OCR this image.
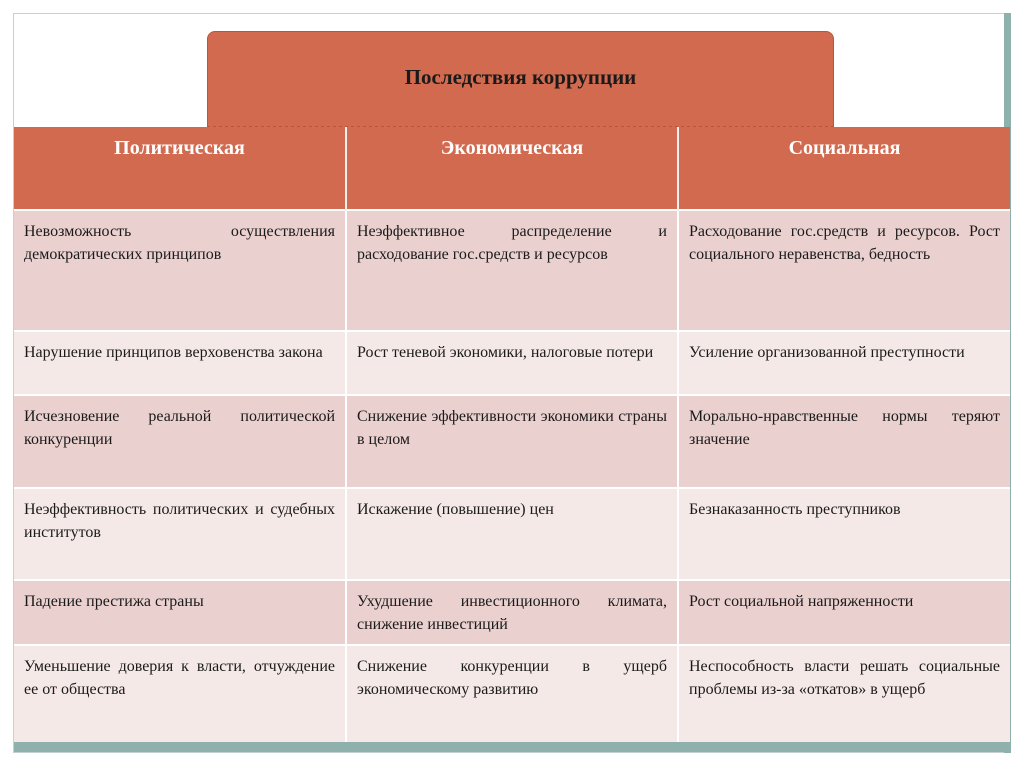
Последствия коррупции
Политическая	Экономическая	Социальная
Невозможность осуществления демократических принципов	Неэффективное распределение и расходование гос.средств и ресурсов	Расходование гос.средств и ресурсов. Рост социального неравенства, бедность
Нарушение принципов верховенства закона	Рост теневой экономики, налоговые потери	Усиление организованной преступности
Исчезновение реальной политической конкуренции	Снижение эффективности экономики страны в целом	Морально-нравственные нормы теряют значение
Неэффективность политических и судебных институтов	Искажение (повышение) цен	Безнаказанность преступников
Падение престижа страны	Ухудшение инвестиционного климата, снижение инвестиций	Рост социальной напряженности
Уменьшение доверия к власти, отчуждение ее от общества	Снижение конкуренции в ущерб экономическому развитию	Неспособность власти решать социальные проблемы из-за «откатов» в ущерб
